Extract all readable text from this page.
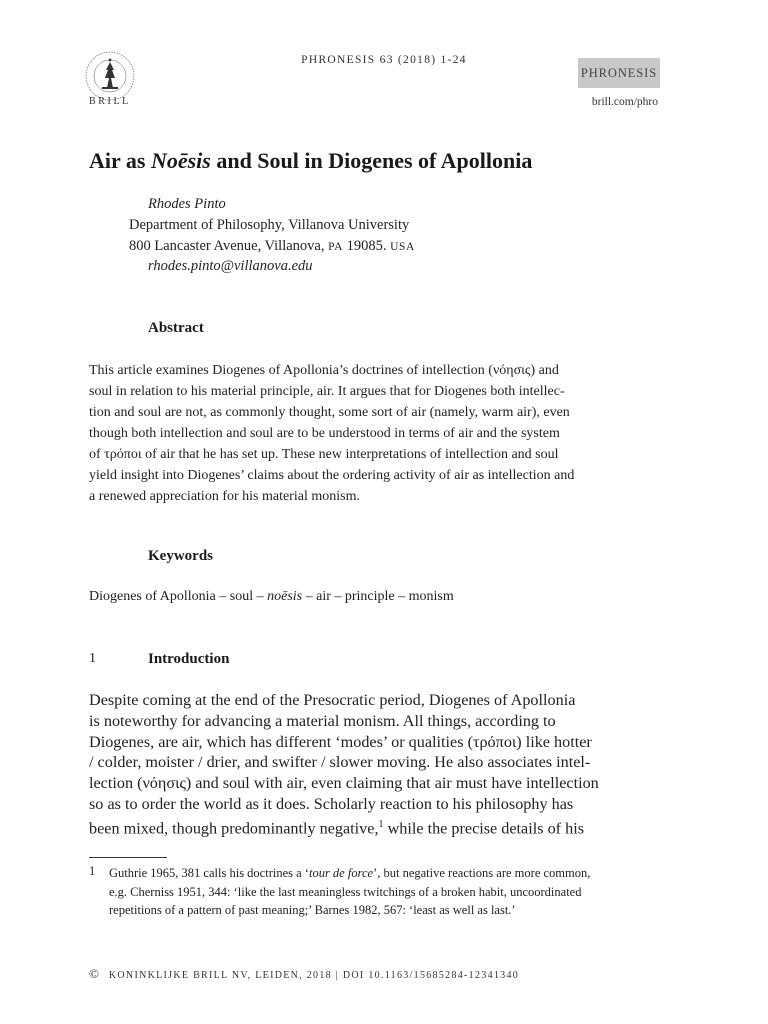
BRILL
PHRONESIS 63 (2018) 1-24
PHRONESIS
brill.com/phro
Air as Noēsis and Soul in Diogenes of Apollonia
Rhodes Pinto
Department of Philosophy, Villanova University
800 Lancaster Avenue, Villanova, PA 19085. USA
rhodes.pinto@villanova.edu
Abstract
This article examines Diogenes of Apollonia’s doctrines of intellection (νόησις) and
soul in relation to his material principle, air. It argues that for Diogenes both intellec-
tion and soul are not, as commonly thought, some sort of air (namely, warm air), even
though both intellection and soul are to be understood in terms of air and the system
of τρόποι of air that he has set up. These new interpretations of intellection and soul
yield insight into Diogenes’ claims about the ordering activity of air as intellection and
a renewed appreciation for his material monism.
Keywords
Diogenes of Apollonia – soul – noēsis – air – principle – monism
1	Introduction
Despite coming at the end of the Presocratic period, Diogenes of Apollonia
is noteworthy for advancing a material monism. All things, according to
Diogenes, are air, which has different ‘modes’ or qualities (τρόποι) like hotter
/ colder, moister / drier, and swifter / slower moving. He also associates intel-
lection (νόησις) and soul with air, even claiming that air must have intellection
so as to order the world as it does. Scholarly reaction to his philosophy has
been mixed, though predominantly negative,$^1$ while the precise details of his
1 Guthrie 1965, 381 calls his doctrines a ‘tour de force’, but negative reactions are more common,
e.g. Cherniss 1951, 344: ‘like the last meaningless twitchings of a broken habit, uncoordinated
repetitions of a pattern of past meaning;’ Barnes 1982, 567: ‘least as well as last.’
© KONINKLIJKE BRILL NV, LEIDEN, 2018 | DOI 10.1163/15685284-12341340
